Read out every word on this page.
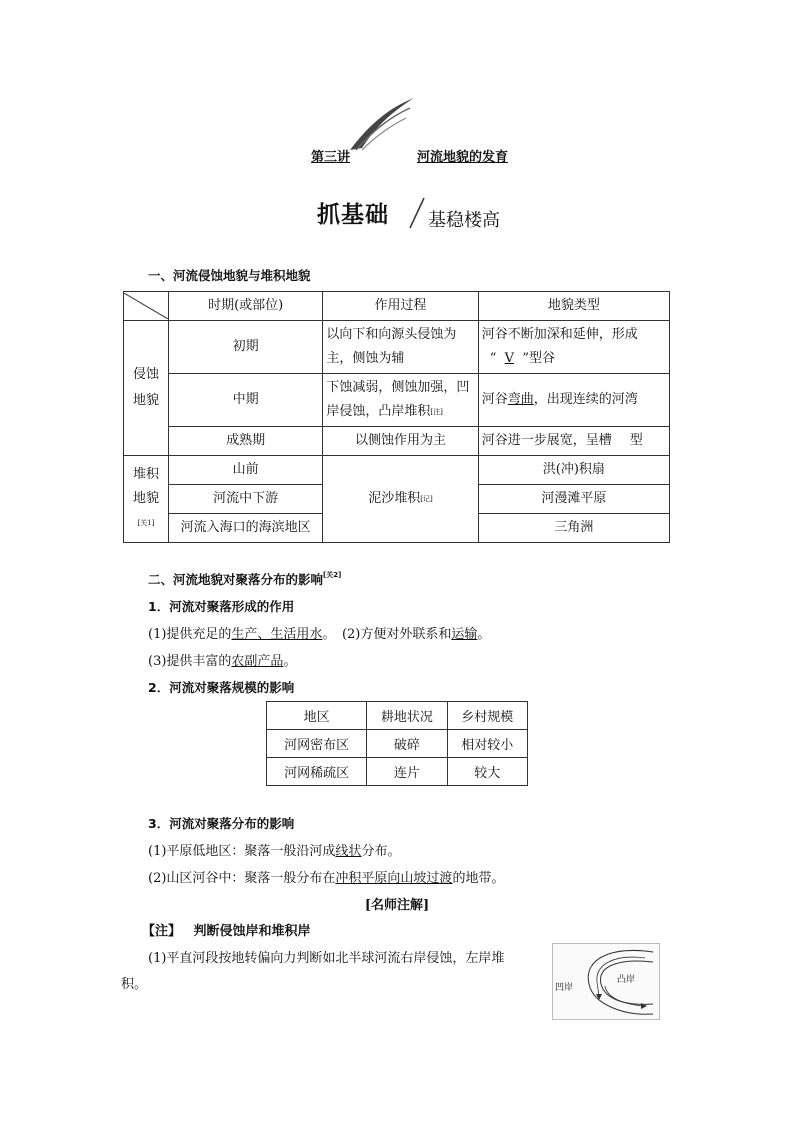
第三讲	河流地貌的发育
抓基础 基稳楼高
一、河流侵蚀地貌与堆积地貌
	时期(或部位)	作用过程	地貌类型
侵蚀地貌	初期	以向下和向源头侵蚀为主，侧蚀为辅	河谷不断加深和延伸，形成
“ V ”型谷
	中期	下蚀减弱，侧蚀加强，凹岸侵蚀，凸岸堆积[注]	河谷弯曲，出现连续的河湾
	成熟期	以侧蚀作用为主	河谷进一步展宽，呈槽 型
堆积地貌
[关1]	山前	泥沙堆积[记]	洪(冲)积扇
	河流中下游		河漫滩平原
	河流入海口的海滨地区		三角洲
二、河流地貌对聚落分布的影响[关2]
1．河流对聚落形成的作用
(1)提供充足的生产、生活用水。　(2)方便对外联系和运输。
(3)提供丰富的农副产品。
2．河流对聚落规模的影响
地区	耕地状况	乡村规模
河网密布区	破碎	相对较小
河网稀疏区	连片	较大
3．河流对聚落分布的影响
(1)平原低地区：聚落一般沿河成线状分布。
(2)山区河谷中：聚落一般分布在冲积平原向山坡过渡的地带。
[名师注解]
【注】 判断侵蚀岸和堆积岸
(1)平直河段按地转偏向力判断如北半球河流右岸侵蚀，左岸堆
积。	凹岸
凸岸
